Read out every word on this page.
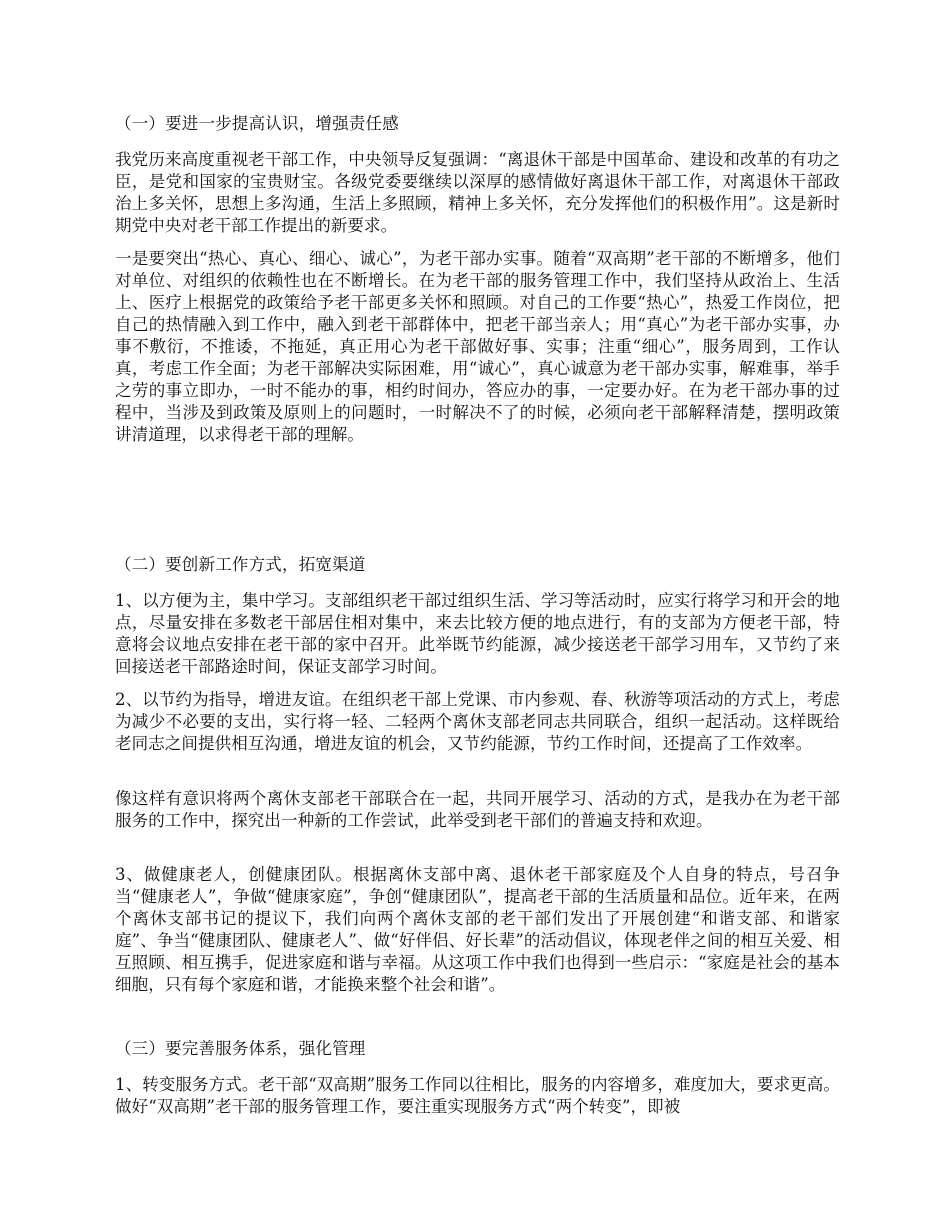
（一）要进一步提高认识，增强责任感

我党历来高度重视老干部工作，中央领导反复强调：“离退休干部是中国革命、建设和改革的有功之臣，是党和国家的宝贵财宝。各级党委要继续以深厚的感情做好离退休干部工作，对离退休干部政治上多关怀，思想上多沟通，生活上多照顾，精神上多关怀，充分发挥他们的积极作用”。这是新时期党中央对老干部工作提出的新要求。

一是要突出“热心、真心、细心、诚心”，为老干部办实事。随着“双高期”老干部的不断增多，他们对单位、对组织的依赖性也在不断增长。在为老干部的服务管理工作中，我们坚持从政治上、生活上、医疗上根据党的政策给予老干部更多关怀和照顾。对自己的工作要“热心”，热爱工作岗位，把自己的热情融入到工作中，融入到老干部群体中，把老干部当亲人；用“真心”为老干部办实事，办事不敷衍，不推诿，不拖延，真正用心为老干部做好事、实事；注重“细心”，服务周到，工作认真，考虑工作全面；为老干部解决实际困难，用“诚心”，真心诚意为老干部办实事，解难事，举手之劳的事立即办，一时不能办的事，相约时间办，答应办的事，一定要办好。在为老干部办事的过程中，当涉及到政策及原则上的问题时，一时解决不了的时候，必须向老干部解释清楚，摆明政策讲清道理，以求得老干部的理解。

（二）要创新工作方式，拓宽渠道

1、以方便为主，集中学习。支部组织老干部过组织生活、学习等活动时，应实行将学习和开会的地点，尽量安排在多数老干部居住相对集中，来去比较方便的地点进行，有的支部为方便老干部，特意将会议地点安排在老干部的家中召开。此举既节约能源，减少接送老干部学习用车，又节约了来回接送老干部路途时间，保证支部学习时间。

2、以节约为指导，增进友谊。在组织老干部上党课、市内参观、春、秋游等项活动的方式上，考虑为减少不必要的支出，实行将一轻、二轻两个离休支部老同志共同联合，组织一起活动。这样既给老同志之间提供相互沟通，增进友谊的机会，又节约能源，节约工作时间，还提高了工作效率。

像这样有意识将两个离休支部老干部联合在一起，共同开展学习、活动的方式，是我办在为老干部服务的工作中，探究出一种新的工作尝试，此举受到老干部们的普遍支持和欢迎。

3、做健康老人，创健康团队。根据离休支部中离、退休老干部家庭及个人自身的特点，号召争当“健康老人”，争做“健康家庭”，争创“健康团队”，提高老干部的生活质量和品位。近年来，在两个离休支部书记的提议下，我们向两个离休支部的老干部们发出了开展创建“和谐支部、和谐家庭”、争当“健康团队、健康老人”、做“好伴侣、好长辈”的活动倡议，体现老伴之间的相互关爱、相互照顾、相互携手，促进家庭和谐与幸福。从这项工作中我们也得到一些启示：“家庭是社会的基本细胞，只有每个家庭和谐，才能换来整个社会和谐”。

（三）要完善服务体系，强化管理

1、转变服务方式。老干部“双高期”服务工作同以往相比，服务的内容增多，难度加大，要求更高。做好“双高期”老干部的服务管理工作，要注重实现服务方式“两个转变”，即被
